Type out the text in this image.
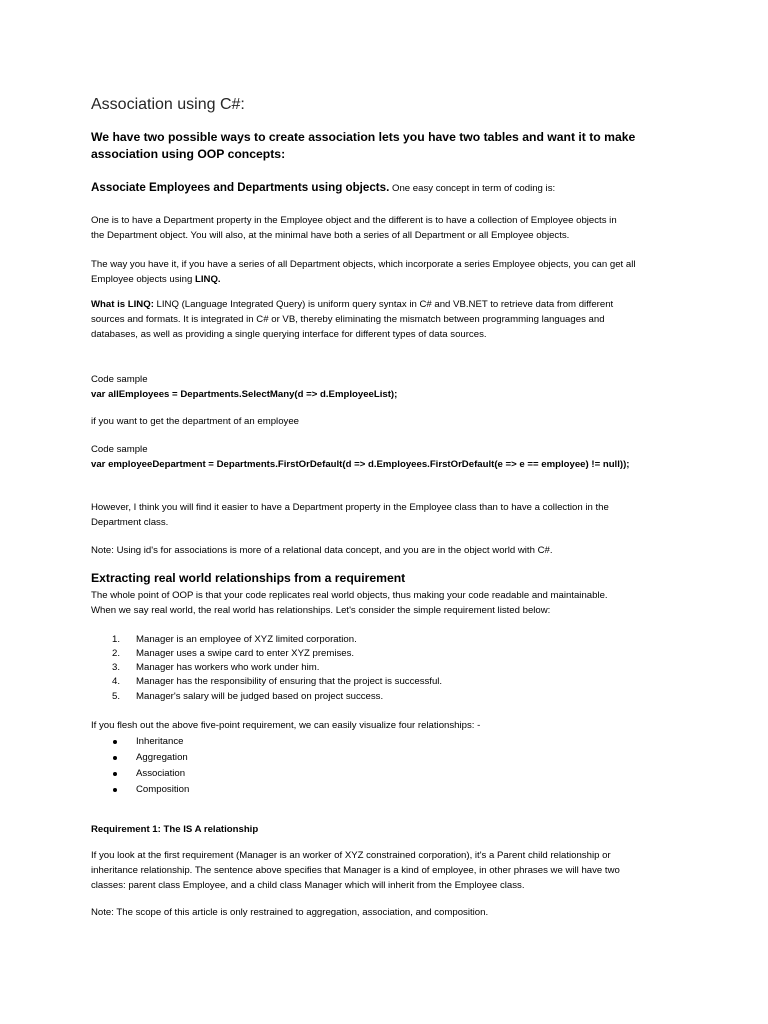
Association using C#:
We have two possible ways to create association lets you have two tables and want it to make
association using OOP concepts:
Associate Employees and Departments using objects. One easy concept in term of coding is:
One is to have a Department property in the Employee object and the different is to have a collection of Employee objects in
the Department object. You will also, at the minimal have both a series of all Department or all Employee objects.
The way you have it, if you have a series of all Department objects, which incorporate a series Employee objects, you can get all
Employee objects using LINQ.
What is LINQ: LINQ (Language Integrated Query) is uniform query syntax in C# and VB.NET to retrieve data from different
sources and formats. It is integrated in C# or VB, thereby eliminating the mismatch between programming languages and
databases, as well as providing a single querying interface for different types of data sources.
Code sample
var allEmployees = Departments.SelectMany(d => d.EmployeeList);
if you want to get the department of an employee
Code sample
var employeeDepartment = Departments.FirstOrDefault(d => d.Employees.FirstOrDefault(e => e == employee) != null));
However, I think you will find it easier to have a Department property in the Employee class than to have a collection in the
Department class.
Note: Using id's for associations is more of a relational data concept, and you are in the object world with C#.
Extracting real world relationships from a requirement
The whole point of OOP is that your code replicates real world objects, thus making your code readable and maintainable.
When we say real world, the real world has relationships. Let's consider the simple requirement listed below:
1. Manager is an employee of XYZ limited corporation.
2. Manager uses a swipe card to enter XYZ premises.
3. Manager has workers who work under him.
4. Manager has the responsibility of ensuring that the project is successful.
5. Manager's salary will be judged based on project success.
If you flesh out the above five-point requirement, we can easily visualize four relationships: -
Inheritance
Aggregation
Association
Composition
Requirement 1: The IS A relationship
If you look at the first requirement (Manager is an worker of XYZ constrained corporation), it's a Parent child relationship or
inheritance relationship. The sentence above specifies that Manager is a kind of employee, in other phrases we will have two
classes: parent class Employee, and a child class Manager which will inherit from the Employee class.
Note: The scope of this article is only restrained to aggregation, association, and composition.
